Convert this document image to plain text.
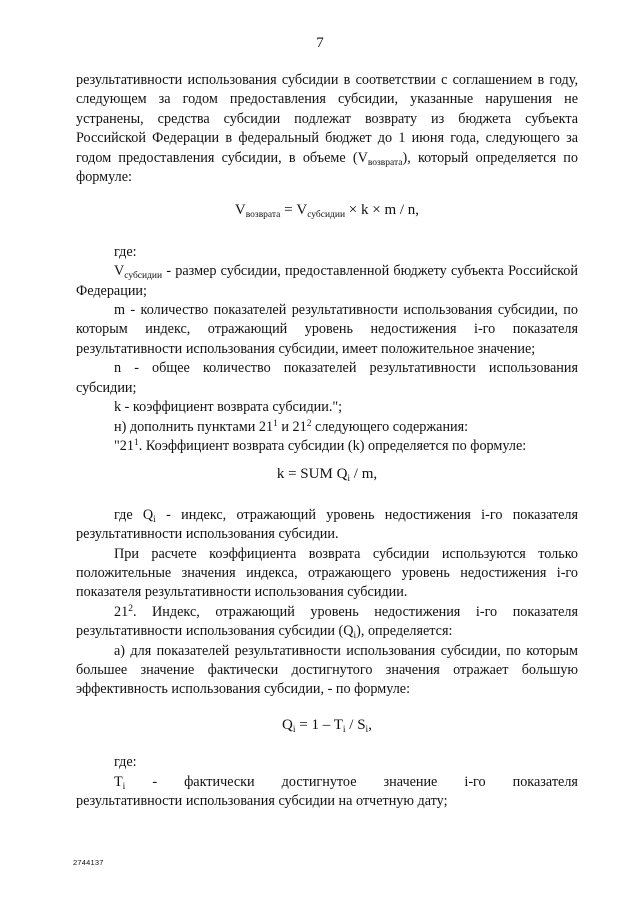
7

результативности использования субсидии в соответствии с соглашением в году, следующем за годом предоставления субсидии, указанные нарушения не устранены, средства субсидии подлежат возврату из бюджета субъекта Российской Федерации в федеральный бюджет до 1 июня года, следующего за годом предоставления субсидии, в объеме $(V_{возврата})$, который определяется по формуле:

$V_{возврата} = V_{субсидии} \times k \times m / n$,

где:

$V_{субсидии}$ - размер субсидии, предоставленной бюджету субъекта Российской Федерации;

m - количество показателей результативности использования субсидии, по которым индекс, отражающий уровень недостижения i-го показателя результативности использования субсидии, имеет положительное значение;

n - общее количество показателей результативности использования субсидии;

k - коэффициент возврата субсидии.";

н) дополнить пунктами $21^1$ и $21^2$ следующего содержания:

"$21^1$. Коэффициент возврата субсидии (k) определяется по формуле:

k = SUM $Q_i$ / m,

где $Q_i$ - индекс, отражающий уровень недостижения i-го показателя результативности использования субсидии.

При расчете коэффициента возврата субсидии используются только положительные значения индекса, отражающего уровень недостижения i-го показателя результативности использования субсидии.

$21^2$. Индекс, отражающий уровень недостижения i-го показателя результативности использования субсидии $(Q_i)$, определяется:

а) для показателей результативности использования субсидии, по которым большее значение фактически достигнутого значения отражает большую эффективность использования субсидии, - по формуле:

$Q_i = 1 - T_i / S_i$,

где:

$T_i$ - фактически достигнутое значение i-го показателя
результативности использования субсидии на отчетную дату;
2744137
